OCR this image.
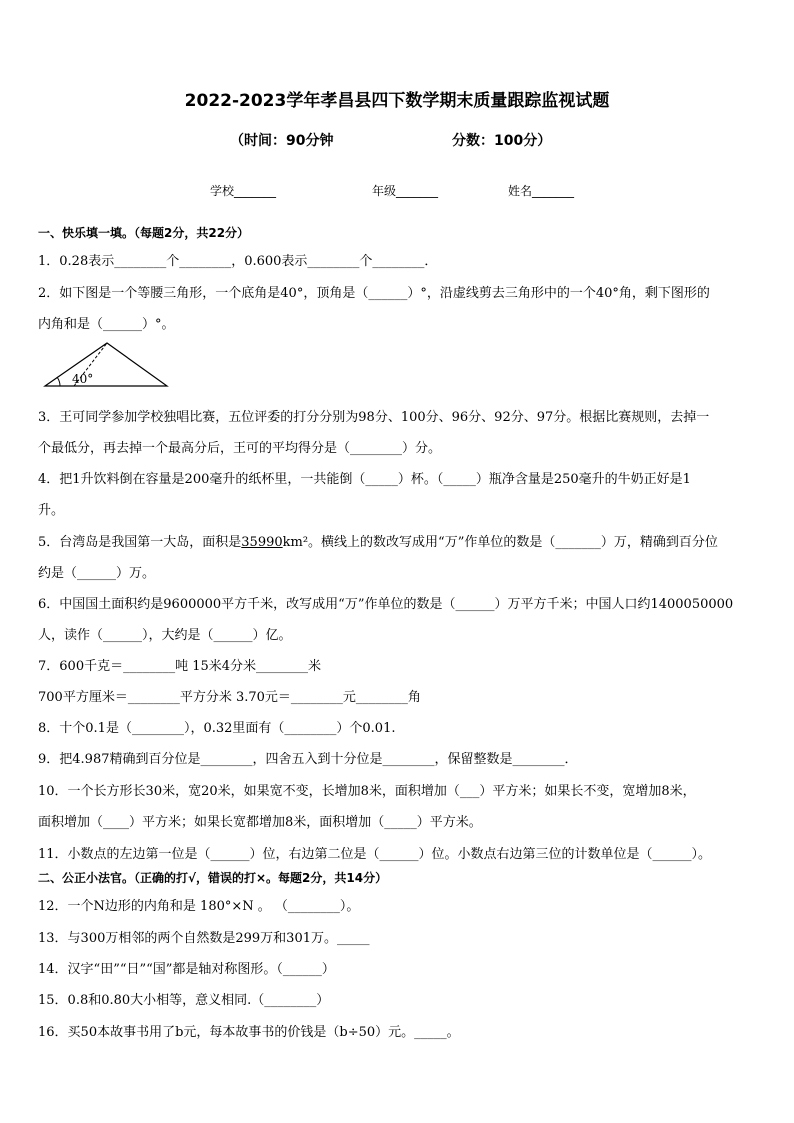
2022-2023学年孝昌县四下数学期末质量跟踪监视试题
（时间：90分钟	分数：100分）
学校_______	年级_______	姓名_______
一、快乐填一填。（每题2分，共22分）
1．0.28表示________个________，0.600表示________个________．
2．如下图是一个等腰三角形，一个底角是40°，顶角是（______）°，沿虚线剪去三角形中的一个40°角，剩下图形的
内角和是（______）°。
40°
3．王可同学参加学校独唱比赛，五位评委的打分分别为98分、100分、96分、92分、97分。根据比赛规则，去掉一
个最低分，再去掉一个最高分后，王可的平均得分是（________）分。
4．把1升饮料倒在容量是200毫升的纸杯里，一共能倒（_____）杯。（_____）瓶净含量是250毫升的牛奶正好是1
升。
5．台湾岛是我国第一大岛，面积是35990km²。横线上的数改写成用“万”作单位的数是（_______）万，精确到百分位
约是（______）万。
6．中国国土面积约是9600000平方千米，改写成用“万”作单位的数是（______）万平方千米；中国人口约1400050000
人，读作（______），大约是（______）亿。
7．600千克＝________吨 15米4分米________米
700平方厘米＝________平方分米 3.70元＝________元________角
8．十个0.1是（________），0.32里面有（________）个0.01.
9．把4.987精确到百分位是________，四舍五入到十分位是________，保留整数是________．
10．一个长方形长30米，宽20米，如果宽不变，长增加8米，面积增加（___）平方米；如果长不变，宽增加8米，
面积增加（____）平方米；如果长宽都增加8米，面积增加（_____）平方米。
11．小数点的左边第一位是（______）位，右边第二位是（______）位。小数点右边第三位的计数单位是（______）。
二、公正小法官。（正确的打√，错误的打×。每题2分，共14分）
12．一个N边形的内角和是 180°×N 。 （________）。
13．与300万相邻的两个自然数是299万和301万。_____
14．汉字“田”“日”“国”都是轴对称图形。（______）
15．0.8和0.80大小相等，意义相同.（________）
16．买50本故事书用了b元，每本故事书的价钱是（b÷50）元。_____。
